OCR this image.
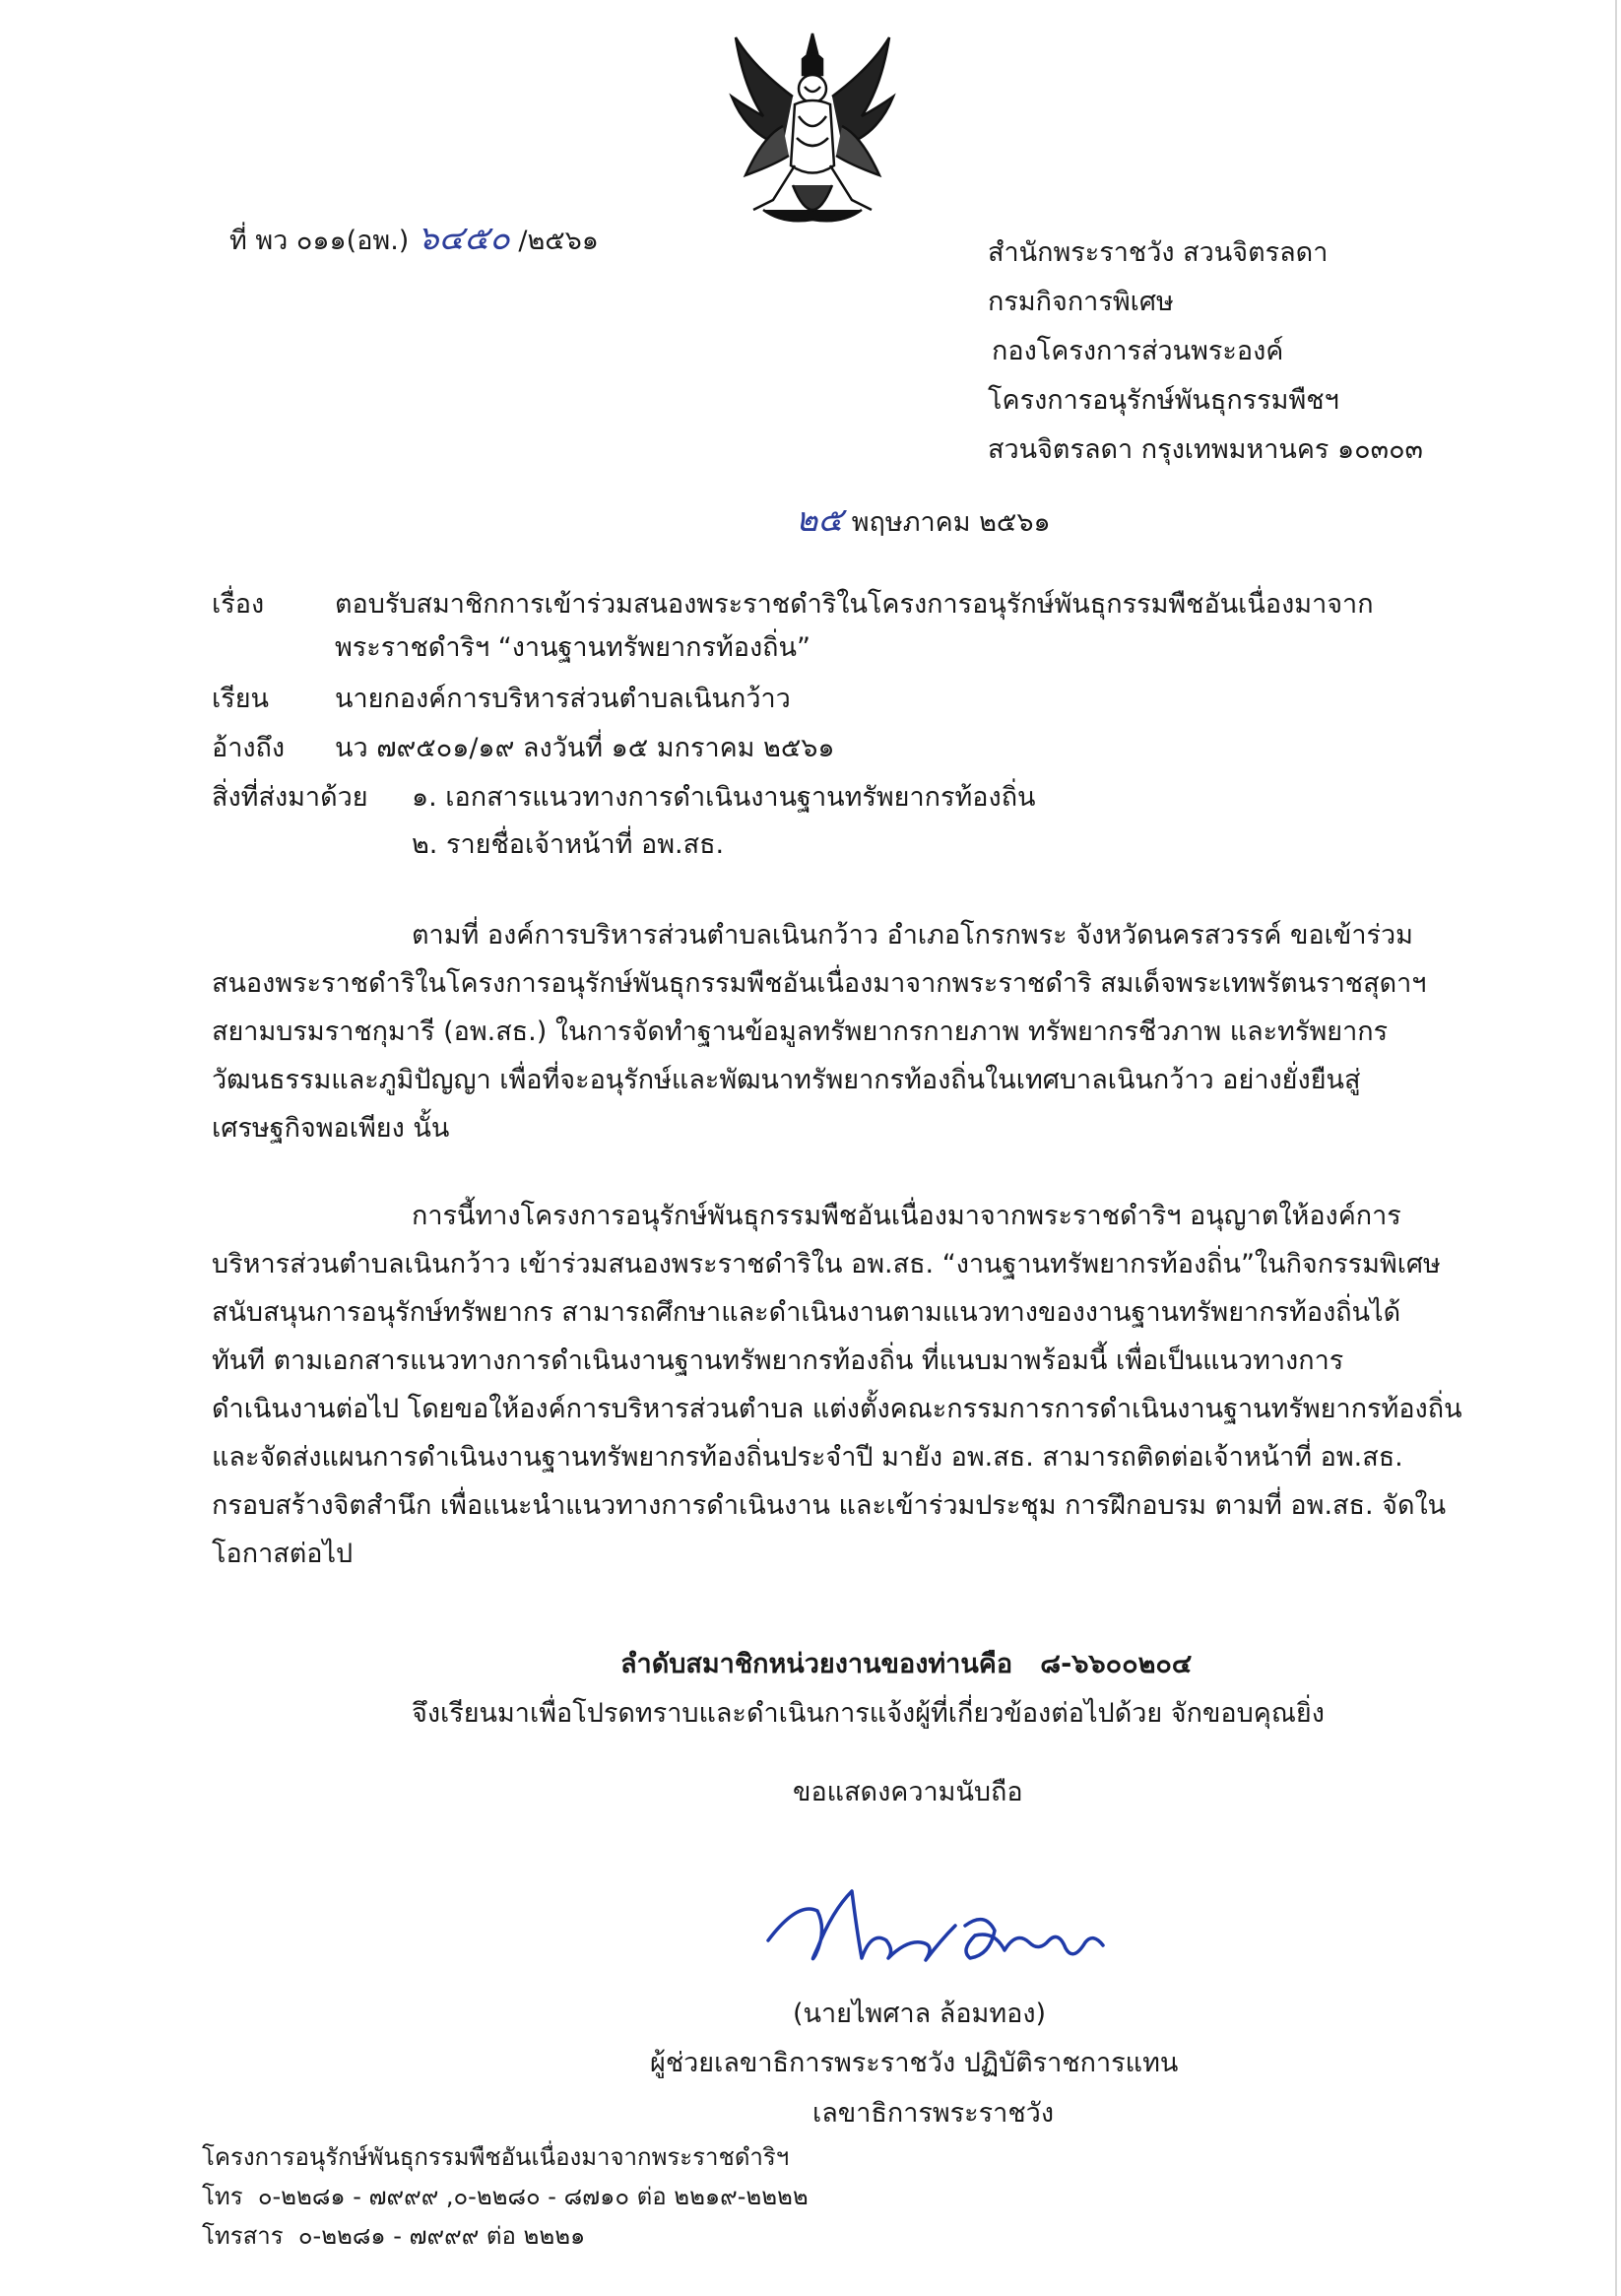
ที่ พว ๐๑๑(อพ.) ๖๔๕๐ /๒๕๖๑	สำนักพระราชวัง สวนจิตรลดา
กรมกิจการพิเศษ
กองโครงการส่วนพระองค์
โครงการอนุรักษ์พันธุกรรมพืชฯ
สวนจิตรลดา กรุงเทพมหานคร ๑๐๓๐๓
๒๕ พฤษภาคม ๒๕๖๑
เรื่อง	ตอบรับสมาชิกการเข้าร่วมสนองพระราชดำริในโครงการอนุรักษ์พันธุกรรมพืชอันเนื่องมาจาก
พระราชดำริฯ “งานฐานทรัพยากรท้องถิ่น”
เรียน นายกองค์การบริหารส่วนตำบลเนินกว้าว
อ้างถึง นว ๗๙๕๐๑/๑๙ ลงวันที่ ๑๕ มกราคม ๒๕๖๑
สิ่งที่ส่งมาด้วย ๑. เอกสารแนวทางการดำเนินงานฐานทรัพยากรท้องถิ่น
๒. รายชื่อเจ้าหน้าที่ อพ.สธ.
ตามที่ องค์การบริหารส่วนตำบลเนินกว้าว อำเภอโกรกพระ จังหวัดนครสวรรค์ ขอเข้าร่วม
สนองพระราชดำริในโครงการอนุรักษ์พันธุกรรมพืชอันเนื่องมาจากพระราชดำริ สมเด็จพระเทพรัตนราชสุดาฯ
สยามบรมราชกุมารี (อพ.สธ.) ในการจัดทำฐานข้อมูลทรัพยากรกายภาพ ทรัพยากรชีวภาพ และทรัพยากร
วัฒนธรรมและภูมิปัญญา เพื่อที่จะอนุรักษ์และพัฒนาทรัพยากรท้องถิ่นในเทศบาลเนินกว้าว อย่างยั่งยืนสู่
เศรษฐกิจพอเพียง นั้น
การนี้ทางโครงการอนุรักษ์พันธุกรรมพืชอันเนื่องมาจากพระราชดำริฯ อนุญาตให้องค์การ
บริหารส่วนตำบลเนินกว้าว เข้าร่วมสนองพระราชดำริใน อพ.สธ. “งานฐานทรัพยากรท้องถิ่น”ในกิจกรรมพิเศษ
สนับสนุนการอนุรักษ์ทรัพยากร สามารถศึกษาและดำเนินงานตามแนวทางของงานฐานทรัพยากรท้องถิ่นได้
ทันที ตามเอกสารแนวทางการดำเนินงานฐานทรัพยากรท้องถิ่น ที่แนบมาพร้อมนี้ เพื่อเป็นแนวทางการ
ดำเนินงานต่อไป โดยขอให้องค์การบริหารส่วนตำบล แต่งตั้งคณะกรรมการการดำเนินงานฐานทรัพยากรท้องถิ่น
และจัดส่งแผนการดำเนินงานฐานทรัพยากรท้องถิ่นประจำปี มายัง อพ.สธ. สามารถติดต่อเจ้าหน้าที่ อพ.สธ.
กรอบสร้างจิตสำนึก เพื่อแนะนำแนวทางการดำเนินงาน และเข้าร่วมประชุม การฝึกอบรม ตามที่ อพ.สธ. จัดใน
โอกาสต่อไป
ลำดับสมาชิกหน่วยงานของท่านคือ ๘-๖๖๐๐๒๐๔
จึงเรียนมาเพื่อโปรดทราบและดำเนินการแจ้งผู้ที่เกี่ยวข้องต่อไปด้วย จักขอบคุณยิ่ง
ขอแสดงความนับถือ
(นายไพศาล ล้อมทอง)
ผู้ช่วยเลขาธิการพระราชวัง ปฏิบัติราชการแทน
เลขาธิการพระราชวัง
โครงการอนุรักษ์พันธุกรรมพืชอันเนื่องมาจากพระราชดำริฯ
โทร ๐-๒๒๘๑ - ๗๙๙๙ ,๐-๒๒๘๐ - ๘๗๑๐ ต่อ ๒๒๑๙-๒๒๒๒
โทรสาร ๐-๒๒๘๑ - ๗๙๙๙ ต่อ ๒๒๒๑
